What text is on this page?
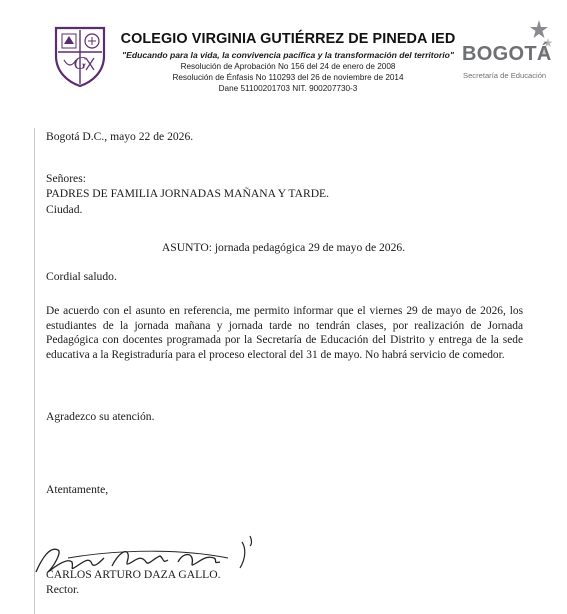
G
COLEGIO VIRGINIA GUTIÉRREZ DE PINEDA IED
"Educando para la vida, la convivencia pacífica y la transformación del territorio"
Resolución de Aprobación No 156 del 24 de enero de 2008
Resolución de Énfasis No 110293 del 26 de noviembre de 2014
Dane 51100201703 NIT. 900207730-3
BOGOTÁ
Secretaría de Educación
Bogotá D.C., mayo 22 de 2026.
Señores:
PADRES DE FAMILIA JORNADAS MAÑANA Y TARDE.
Ciudad.
ASUNTO: jornada pedagógica 29 de mayo de 2026.
Cordial saludo.
De acuerdo con el asunto en referencia, me permito informar que el viernes 29 de mayo de 2026, los estudiantes de la jornada mañana y jornada tarde no tendrán clases, por realización de Jornada Pedagógica con docentes programada por la Secretaría de Educación del Distrito y entrega de la sede educativa a la Registraduría para el proceso electoral del 31 de mayo. No habrá servicio de comedor.
Agradezco su atención.
Atentamente,
CARLOS ARTURO DAZA GALLO.
Rector.
